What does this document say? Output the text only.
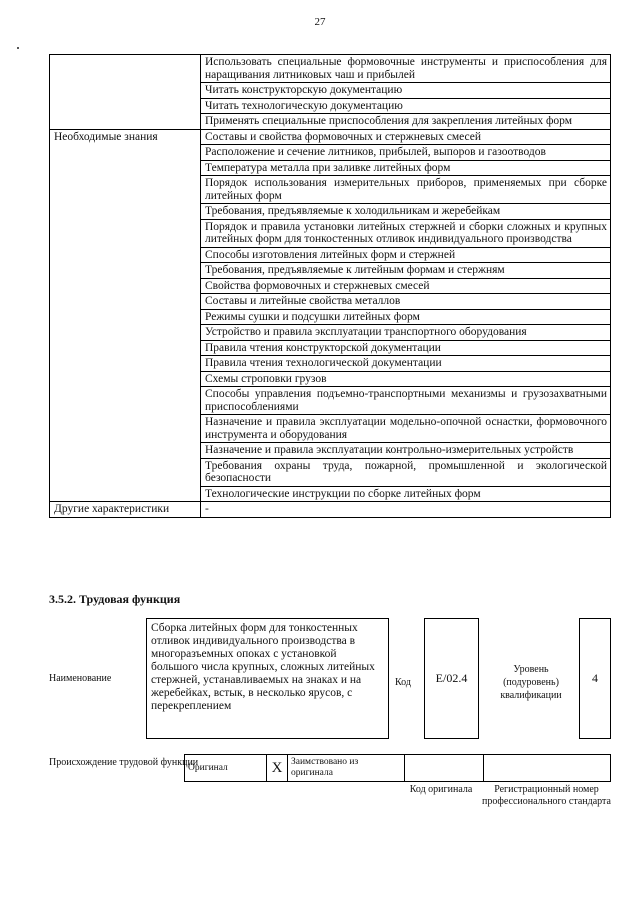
27
	Использовать специальные формовочные инструменты и приспособления для наращивания литниковых чаш и прибылей
	Читать конструкторскую документацию
	Читать технологическую документацию
	Применять специальные приспособления для закрепления литейных форм
Необходимые знания	Составы и свойства формовочных и стержневых смесей
	Расположение и сечение литников, прибылей, выпоров и газоотводов
	Температура металла при заливке литейных форм
	Порядок использования измерительных приборов, применяемых при сборке литейных форм
	Требования, предъявляемые к холодильникам и жеребейкам
	Порядок и правила установки литейных стержней и сборки сложных и крупных литейных форм для тонкостенных отливок индивидуального производства
	Способы изготовления литейных форм и стержней
	Требования, предъявляемые к литейным формам и стержням
	Свойства формовочных и стержневых смесей
	Составы и литейные свойства металлов
	Режимы сушки и подсушки литейных форм
	Устройство и правила эксплуатации транспортного оборудования
	Правила чтения конструкторской документации
	Правила чтения технологической документации
	Схемы строповки грузов
	Способы управления подъемно-транспортными механизмы и грузозахватными приспособлениями
	Назначение и правила эксплуатации модельно-опочной оснастки, формовочного инструмента и оборудования
	Назначение и правила эксплуатации контрольно-измерительных устройств
	Требования охраны труда, пожарной, промышленной и экологической безопасности
	Технологические инструкции по сборке литейных форм
Другие характеристики	-
3.5.2. Трудовая функция
Наименование
Сборка литейных форм для тонкостенных отливок индивидуального производства в многоразъемных опоках с установкой большого числа крупных, сложных литейных стержней, устанавливаемых на знаках и на жеребейках, встык, в несколько ярусов, с перекреплением
Код	E/02.4
Уровень (подуровень) квалификации
4
Происхождение трудовой функции
Оригинал	X	Заимствовано из оригинала		
Код оригинала	Регистрационный номер профессионального стандарта
